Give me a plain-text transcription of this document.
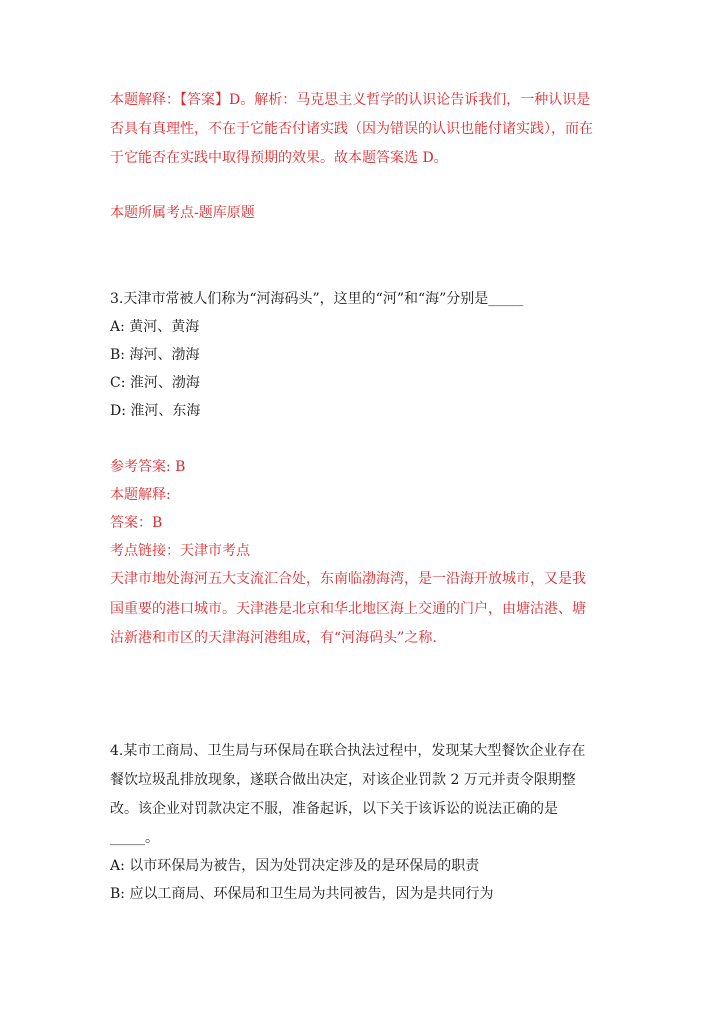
本题解释：【答案】D。解析：马克思主义哲学的认识论告诉我们，一种认识是
否具有真理性，不在于它能否付诸实践（因为错误的认识也能付诸实践），而在
于它能否在实践中取得预期的效果。故本题答案选 D。
本题所属考点-题库原题
3.天津市常被人们称为“河海码头”，这里的“河”和“海”分别是_____
A: 黄河、黄海
B: 海河、渤海
C: 淮河、渤海
D: 淮河、东海
参考答案: B
本题解释:
答案：B
考点链接：天津市考点
天津市地处海河五大支流汇合处，东南临渤海湾，是一沿海开放城市，又是我
国重要的港口城市。天津港是北京和华北地区海上交通的门户，由塘沽港、塘
沽新港和市区的天津海河港组成，有“河海码头”之称.
4.某市工商局、卫生局与环保局在联合执法过程中，发现某大型餐饮企业存在
餐饮垃圾乱排放现象，遂联合做出决定，对该企业罚款 2 万元并责令限期整
改。该企业对罚款决定不服，准备起诉，以下关于该诉讼的说法正确的是
_____。
A: 以市环保局为被告，因为处罚决定涉及的是环保局的职责
B: 应以工商局、环保局和卫生局为共同被告，因为是共同行为
